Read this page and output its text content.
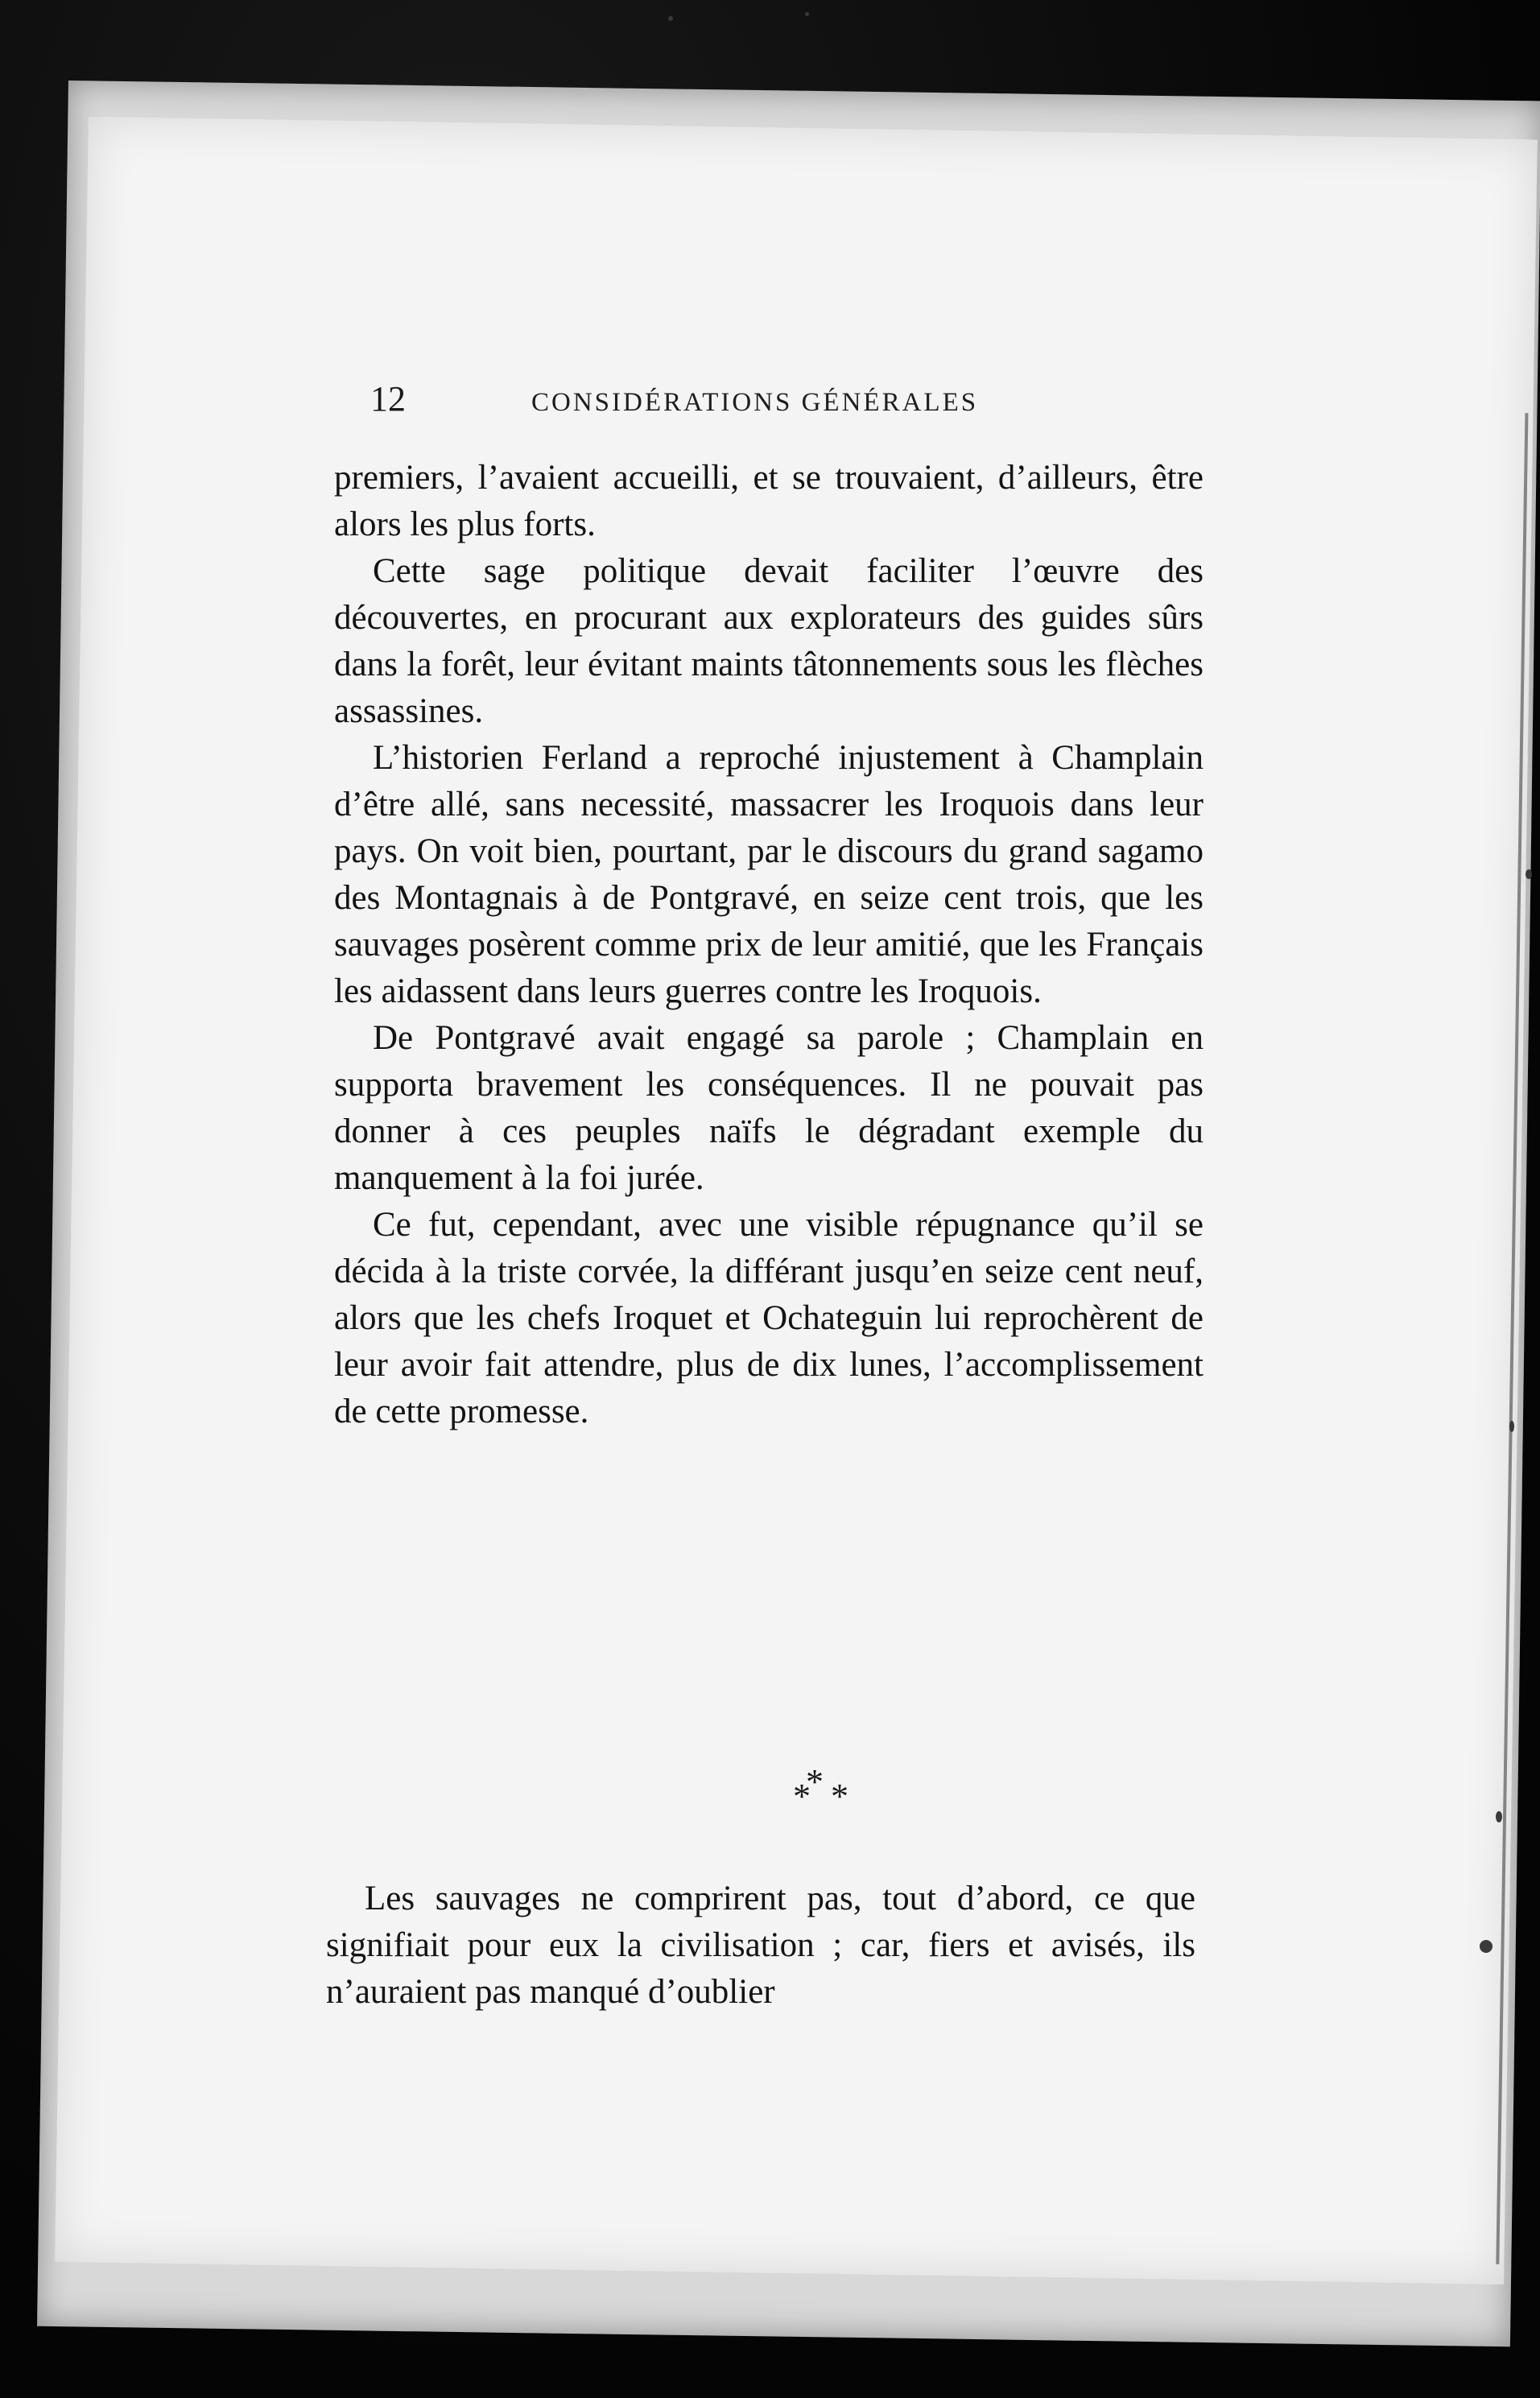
12	CONSIDÉRATIONS GÉNÉRALES

premiers, l’avaient accueilli, et se trouvaient, d’ailleurs, être alors les plus forts.

Cette sage politique devait faciliter l’œuvre des découvertes, en procurant aux explorateurs des guides sûrs dans la forêt, leur évitant maints tâtonnements sous les flèches assassines.

L’historien Ferland a reproché injustement à Champlain d’être allé, sans necessité, massacrer les Iroquois dans leur pays. On voit bien, pourtant, par le discours du grand sagamo des Montagnais à de Pontgravé, en seize cent trois, que les sauvages posèrent comme prix de leur amitié, que les Français les aidassent dans leurs guerres contre les Iroquois.

De Pontgravé avait engagé sa parole ; Champlain en supporta bravement les conséquences. Il ne pouvait pas donner à ces peuples naïfs le dégradant exemple du manquement à la foi jurée.

Ce fut, cependant, avec une visible répugnance qu’il se décida à la triste corvée, la différant jusqu’en seize cent neuf, alors que les chefs Iroquet et Ochateguin lui reprochèrent de leur avoir fait attendre, plus de dix lunes, l’accomplissement de cette promesse.

*
* *

Les sauvages ne comprirent pas, tout d’abord, ce que signifiait pour eux la civilisation ; car, fiers et avisés, ils n’auraient pas manqué d’oublier
